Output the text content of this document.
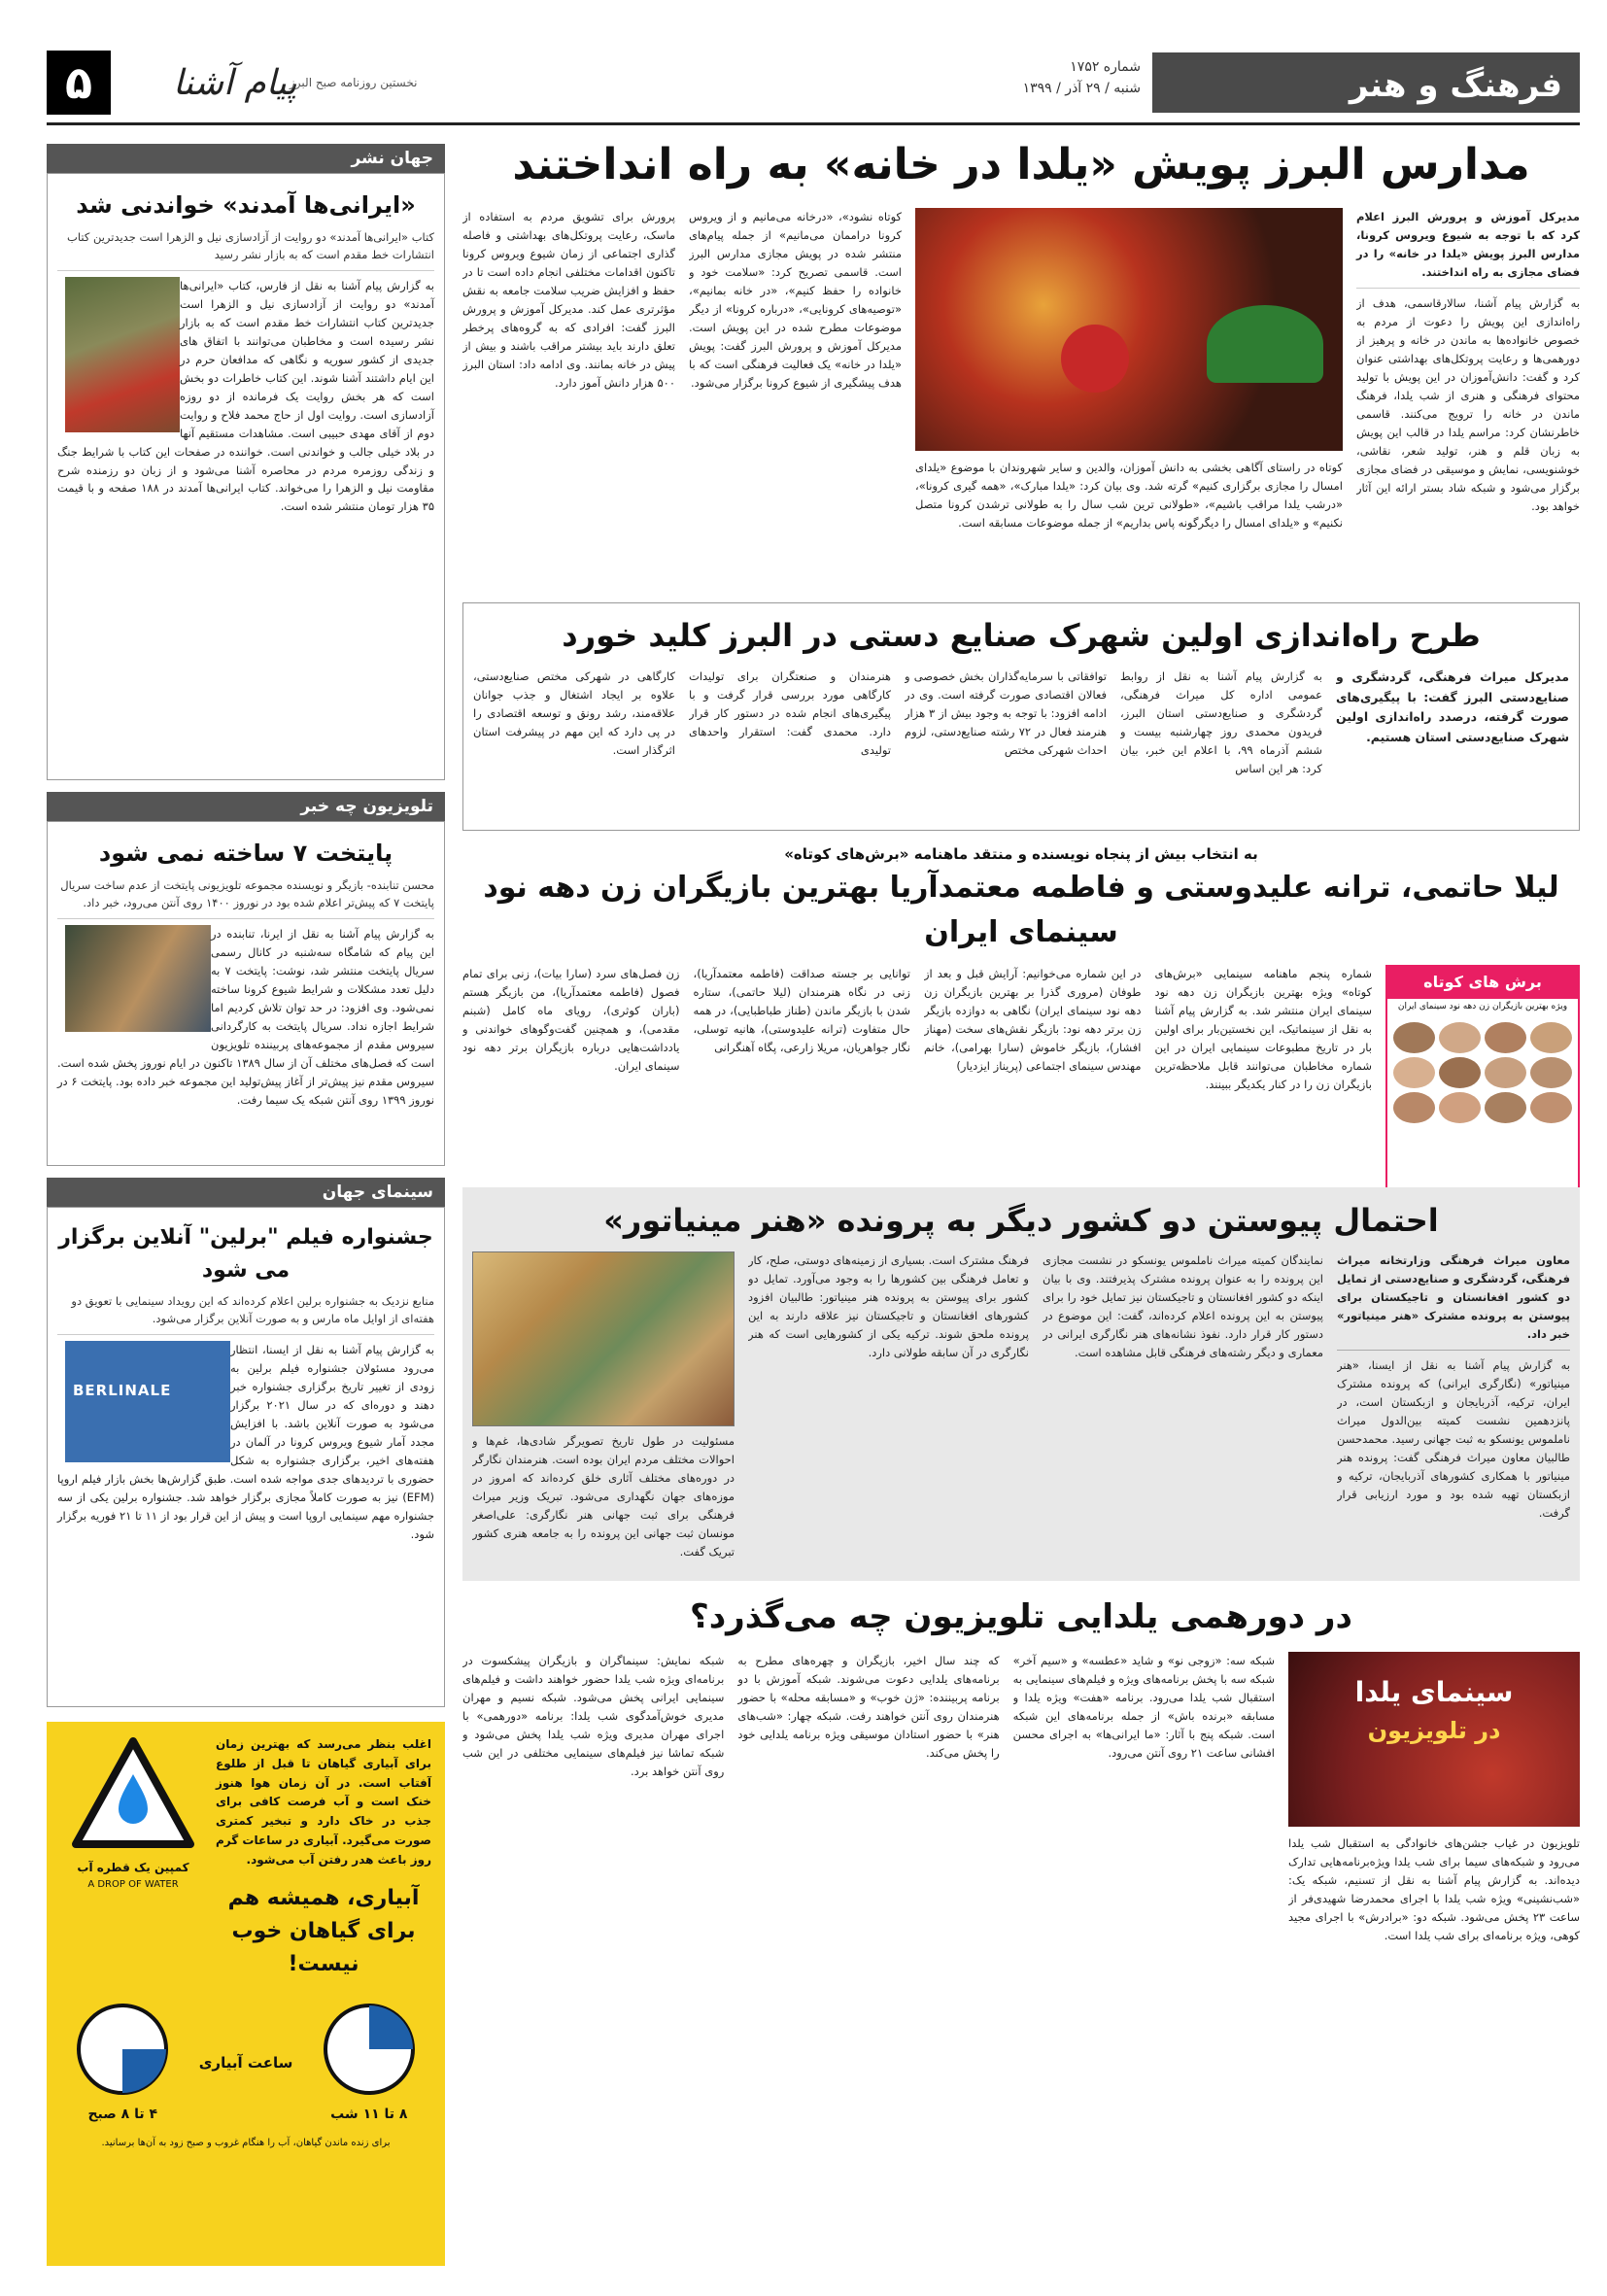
فرهنگ و هنر
شماره ۱۷۵۲
شنبه / ۲۹ آذر / ۱۳۹۹
۵	پیام آشنا
نخستین روزنامه صبح البرز
جهان نشر
«ایرانی‌ها آمدند» خواندنی شد
کتاب «ایرانی‌ها آمدند» دو روایت از آزادسازی نیل و الزهرا است جدیدترین کتاب انتشارات خط مقدم است که به بازار نشر رسید
به گزارش پیام آشنا به نقل از فارس، کتاب «ایرانی‌ها آمدند» دو روایت از آزادسازی نیل و الزهرا است جدیدترین کتاب انتشارات خط مقدم است که به بازار نشر رسیده است و مخاطبان می‌توانند با اتفاق های جدیدی از کشور سوریه و نگاهی که مدافعان حرم در این ایام داشتند آشنا شوند. این کتاب خاطرات دو بخش است که هر بخش روایت یک فرمانده از دو روزه آزادسازی است. روایت اول از حاج محمد فلاح و روایت دوم از آقای مهدی حبیبی است. مشاهدات مستقیم آنها در بلاد خیلی جالب و خواندنی است. خواننده در صفحات این کتاب با شرایط جنگ و زندگی روزمره مردم در محاصره آشنا می‌شود و از زبان دو رزمنده شرح مقاومت نیل و الزهرا را می‌خواند. کتاب ایرانی‌ها آمدند در ۱۸۸ صفحه و با قیمت ۳۵ هزار تومان منتشر شده است.
تلویزیون چه خبر
پایتخت ۷ ساخته نمی شود
محسن تنابنده- بازیگر و نویسنده مجموعه تلویزیونی پایتخت از عدم ساخت سریال پایتخت ۷ که پیش‌تر اعلام شده بود در نوروز ۱۴۰۰ روی آنتن می‌رود، خبر داد.
به گزارش پیام آشنا به نقل از ایرنا، تنابنده در این پیام که شامگاه سه‌شنبه در کانال رسمی سریال پایتخت منتشر شد، نوشت: پایتخت ۷ به دلیل تعدد مشکلات و شرایط شیوع کرونا ساخته نمی‌شود. وی افزود: در حد توان تلاش کردیم اما شرایط اجازه نداد. سریال پایتخت به کارگردانی سیروس مقدم از مجموعه‌های پربیننده تلویزیون است که فصل‌های مختلف آن از سال ۱۳۸۹ تاکنون در ایام نوروز پخش شده است. سیروس مقدم نیز پیش‌تر از آغاز پیش‌تولید این مجموعه خبر داده بود. پایتخت ۶ در نوروز ۱۳۹۹ روی آنتن شبکه یک سیما رفت.
سینمای جهان
جشنواره فیلم "برلین" آنلاین برگزار می شود
منابع نزدیک به جشنواره برلین اعلام کرده‌اند که این رویداد سینمایی با تعویق دو هفته‌ای از اوایل ماه مارس و به صورت آنلاین برگزار می‌شود.
BERLINALE
به گزارش پیام آشنا به نقل از ایسنا، انتظار می‌رود مسئولان جشنواره فیلم برلین به زودی از تغییر تاریخ برگزاری جشنواره خبر دهند و دوره‌ای که در سال ۲۰۲۱ برگزار می‌شود به صورت آنلاین باشد. با افزایش مجدد آمار شیوع ویروس کرونا در آلمان در هفته‌های اخیر، برگزاری جشنواره به شکل حضوری با تردیدهای جدی مواجه شده است. طبق گزارش‌ها بخش بازار فیلم اروپا (EFM) نیز به صورت کاملاً مجازی برگزار خواهد شد. جشنواره برلین یکی از سه جشنواره مهم سینمایی اروپا است و پیش از این قرار بود از ۱۱ تا ۲۱ فوریه برگزار شود.
اغلب بنظر می‌رسد که بهترین زمان برای آبیاری گیاهان تا قبل از طلوع آفتاب است. در آن زمان هوا هنوز خنک است و آب فرصت کافی برای جذب در خاک دارد و تبخیر کمتری صورت می‌گیرد. آبیاری در ساعات گرم روز باعث هدر رفتن آب می‌شود.
آبیاری، همیشه هم برای گیاهان خوب نیست!
کمپین یک قطره آب
A DROP OF WATER
۸ تا ۱۱ شب
ساعت آبیاری
۴ تا ۸ صبح
برای زنده ماندن گیاهان، آب را هنگام غروب و صبح زود به آن‌ها برسانید.
مدارس البرز پویش «یلدا در خانه» به راه انداختند
مدیرکل آموزش و پرورش البرز اعلام کرد که با توجه به شیوع ویروس کرونا، مدارس البرز پویش «یلدا در خانه» را در فضای مجازی به راه انداختند.
به گزارش پیام آشنا، سالارقاسمی، هدف از راه‌اندازی این پویش را دعوت از مردم به خصوص خانواده‌ها به ماندن در خانه و پرهیز از دورهمی‌ها و رعایت پروتکل‌های بهداشتی عنوان کرد و گفت: دانش‌آموزان در این پویش با تولید محتوای فرهنگی و هنری از شب یلدا، فرهنگ ماندن در خانه را ترویج می‌کنند. قاسمی خاطرنشان کرد: مراسم یلدا در قالب این پویش به زبان قلم و هنر، تولید شعر، نقاشی، خوشنویسی، نمایش و موسیقی در فضای مجازی برگزار می‌شود و شبکه شاد بستر ارائه این آثار خواهد بود.
کوتاه در راستای آگاهی بخشی به دانش آموزان، والدین و سایر شهروندان با موضوع «یلدای امسال را مجازی برگزاری کنیم» گرته شد. وی بیان کرد: «یلدا مبارک»، «همه گیری کرونا»، «درشب یلدا مراقب باشیم»، «طولانی ترین شب سال را به طولانی ترشدن کرونا متصل نکنیم» و «یلدای امسال را دیگرگونه پاس بداریم» از جمله موضوعات مسابقه است.
کوتاه نشود»، «درخانه می‌مانیم و از ویروس کرونا دراممان می‌مانیم» از جمله پیام‌های منتشر شده در پویش مجازی مدارس البرز است. قاسمی تصریح کرد: «سلامت خود و خانواده را حفظ کنیم»، «در خانه بمانیم»، «توصیه‌های کرونایی»، «درباره کرونا» از دیگر موضوعات مطرح شده در این پویش است. مدیرکل آموزش و پرورش البرز گفت: پویش «یلدا در خانه» یک فعالیت فرهنگی است که با هدف پیشگیری از شیوع کرونا برگزار می‌شود.
پرورش برای تشویق مردم به استفاده از ماسک، رعایت پروتکل‌های بهداشتی و فاصله گذاری اجتماعی از زمان شیوع ویروس کرونا تاکنون اقدامات مختلفی انجام داده است تا در حفظ و افزایش ضریب سلامت جامعه به نقش مؤثرتری عمل کند. مدیرکل آموزش و پرورش البرز گفت: افرادی که به گروه‌های پرخطر تعلق دارند باید بیشتر مراقب باشند و بیش از پیش در خانه بمانند. وی ادامه داد: استان البرز ۵۰۰ هزار دانش آموز دارد.
طرح راه‌اندازی اولین شهرک صنایع دستی در البرز کلید خورد
مدیرکل میراث فرهنگی، گردشگری و صنایع‌دستی البرز گفت: با پیگیری‌های صورت گرفته، درصدد راه‌اندازی اولین شهرک صنایع‌دستی استان هستیم.
به گزارش پیام آشنا به نقل از روابط عمومی اداره کل میراث فرهنگی، گردشگری و صنایع‌دستی استان البرز، فریدون محمدی روز چهارشنبه بیست و ششم آذرماه ۹۹، با اعلام این خبر، بیان کرد: هر این اساس
توافقاتی با سرمایه‌گذاران بخش خصوصی و فعالان اقتصادی صورت گرفته است. وی در ادامه افزود: با توجه به وجود بیش از ۳ هزار هنرمند فعال در ۷۲ رشته صنایع‌دستی، لزوم احداث شهرکی مختص
هنرمندان و صنعتگران برای تولیدات کارگاهی مورد بررسی قرار گرفت و با پیگیری‌های انجام شده در دستور کار قرار دارد. محمدی گفت: استقرار واحدهای تولیدی
کارگاهی در شهرکی مختص صنایع‌دستی، علاوه بر ایجاد اشتغال و جذب جوانان علاقه‌مند، رشد رونق و توسعه اقتصادی را در پی دارد که این مهم در پیشرفت استان اثرگذار است.
به انتخاب بیش از پنجاه نویسنده و منتقد ماهنامه «برش‌های کوتاه»
لیلا حاتمی، ترانه علیدوستی و فاطمه معتمدآریا بهترین بازیگران زن دهه نود سینمای ایران
برش های کوتاه
ویژه بهترین بازیگران زن دهه نود سینمای ایران
شماره پنجم ماهنامه سینمایی «برش‌های کوتاه» ویژه بهترین بازیگران زن دهه نود سینمای ایران منتشر شد. به گزارش پیام آشنا به نقل از سینماتیک، این نخستین‌بار برای اولین بار در تاریخ مطبوعات سینمایی ایران در این شماره مخاطبان می‌توانند قابل ملاحظه‌ترین بازیگران زن را در کنار یکدیگر ببینند.
در این شماره می‌خوانیم: آرایش قبل و بعد از طوفان (مروری گذرا بر بهترین بازیگران زن دهه نود سینمای ایران) نگاهی به دوازده بازیگر زن برتر دهه نود: بازیگر نقش‌های سخت (مهناز افشار)، بازیگر خاموش (سارا بهرامی)، خانم مهندس سینمای اجتماعی (پریناز ایزدیار)
توانایی بر جسته صداقت (فاطمه معتمدآریا)، زنی در نگاه هنرمندان (لیلا حاتمی)، ستاره شدن با بازیگر ماندن (طناز طباطبایی)، در همه حال متفاوت (ترانه علیدوستی)، هانیه توسلی، نگار جواهریان، مریلا زارعی، پگاه آهنگرانی
زن فصل‌های سرد (سارا بیات)، زنی برای تمام فصول (فاطمه معتمدآریا)، من بازیگر هستم (باران کوثری)، رویای ماه کامل (شبنم مقدمی)، و همچنین گفت‌وگوهای خواندنی و یادداشت‌هایی درباره بازیگران برتر دهه نود سینمای ایران.
احتمال پیوستن دو کشور دیگر به پرونده «هنر مینیاتور»
معاون میراث فرهنگی وزارتخانه میراث فرهنگی، گردشگری و صنایع‌دستی از تمایل دو کشور افغانستان و تاجیکستان برای پیوستن به پرونده مشترک «هنر مینیاتور» خبر داد.
به گزارش پیام آشنا به نقل از ایسنا، «هنر مینیاتور» (نگارگری ایرانی) که پرونده مشترک ایران، ترکیه، آذربایجان و ازبکستان است، در پانزدهمین نشست کمیته بین‌الدول میراث ناملموس یونسکو به ثبت جهانی رسید. محمدحسن طالبیان معاون میراث فرهنگی گفت: پرونده هنر مینیاتور با همکاری کشورهای آذربایجان، ترکیه و ازبکستان تهیه شده بود و مورد ارزیابی قرار گرفت.
نمایندگان کمیته میراث ناملموس یونسکو در نشست مجازی این پرونده را به عنوان پرونده مشترک پذیرفتند. وی با بیان اینکه دو کشور افغانستان و تاجیکستان نیز تمایل خود را برای پیوستن به این پرونده اعلام کرده‌اند، گفت: این موضوع در دستور کار قرار دارد. نفوذ نشانه‌های هنر نگارگری ایرانی در معماری و دیگر رشته‌های فرهنگی قابل مشاهده است.
فرهنگ مشترک است. بسیاری از زمینه‌های دوستی، صلح، کار و تعامل فرهنگی بین کشورها را به وجود می‌آورد. تمایل دو کشور برای پیوستن به پرونده هنر مینیاتور: طالبیان افزود کشورهای افغانستان و تاجیکستان نیز علاقه دارند به این پرونده ملحق شوند. ترکیه یکی از کشورهایی است که هنر نگارگری در آن سابقه طولانی دارد.
مسئولیت در طول تاریخ تصویرگر شادی‌ها، غم‌ها و احوالات مختلف مردم ایران بوده است. هنرمندان نگارگر در دوره‌های مختلف آثاری خلق کرده‌اند که امروز در موزه‌های جهان نگهداری می‌شود. تبریک وزیر میراث فرهنگی برای ثبت جهانی هنر نگارگری: علی‌اصغر مونسان ثبت جهانی این پرونده را به جامعه هنری کشور تبریک گفت.
در دورهمی یلدایی تلویزیون چه می‌گذرد؟
سینمای یلدا
در تلویزیون
تلویزیون در غیاب جشن‌های خانوادگی به استقبال شب یلدا می‌رود و شبکه‌های سیما برای شب یلدا ویژه‌برنامه‌هایی تدارک دیده‌اند. به گزارش پیام آشنا به نقل از تسنیم، شبکه یک: «شب‌نشینی» ویژه شب یلدا با اجرای محمدرضا شهیدی‌فر از ساعت ۲۳ پخش می‌شود. شبکه دو: «برادرش» با اجرای مجید کوهی، ویژه برنامه‌ای برای شب یلدا است.
شبکه سه: «زوجی نو» و شاید «عطسه» و «سیم آخر» شبکه سه با پخش برنامه‌های ویژه و فیلم‌های سینمایی به استقبال شب یلدا می‌رود. برنامه «هفت» ویژه یلدا و مسابقه «برنده باش» از جمله برنامه‌های این شبکه است. شبکه پنج با آثار: «ما ایرانی‌ها» به اجرای محسن افشانی ساعت ۲۱ روی آنتن می‌رود.
که چند سال اخیر، بازیگران و چهره‌های مطرح به برنامه‌های یلدایی دعوت می‌شوند. شبکه آموزش با دو برنامه پربیننده: «ژن خوب» و «مسابقه محله» با حضور هنرمندان روی آنتن خواهند رفت. شبکه چهار: «شب‌های هنر» با حضور استادان موسیقی ویژه برنامه یلدایی خود را پخش می‌کند.
شبکه نمایش: سینماگران و بازیگران پیشکسوت در برنامه‌ای ویژه شب یلدا حضور خواهند داشت و فیلم‌های سینمایی ایرانی پخش می‌شود. شبکه نسیم و مهران مدیری خوش‌آمدگوی شب یلدا: برنامه «دورهمی» با اجرای مهران مدیری ویژه شب یلدا پخش می‌شود و شبکه تماشا نیز فیلم‌های سینمایی مختلفی در این شب روی آنتن خواهد برد.
